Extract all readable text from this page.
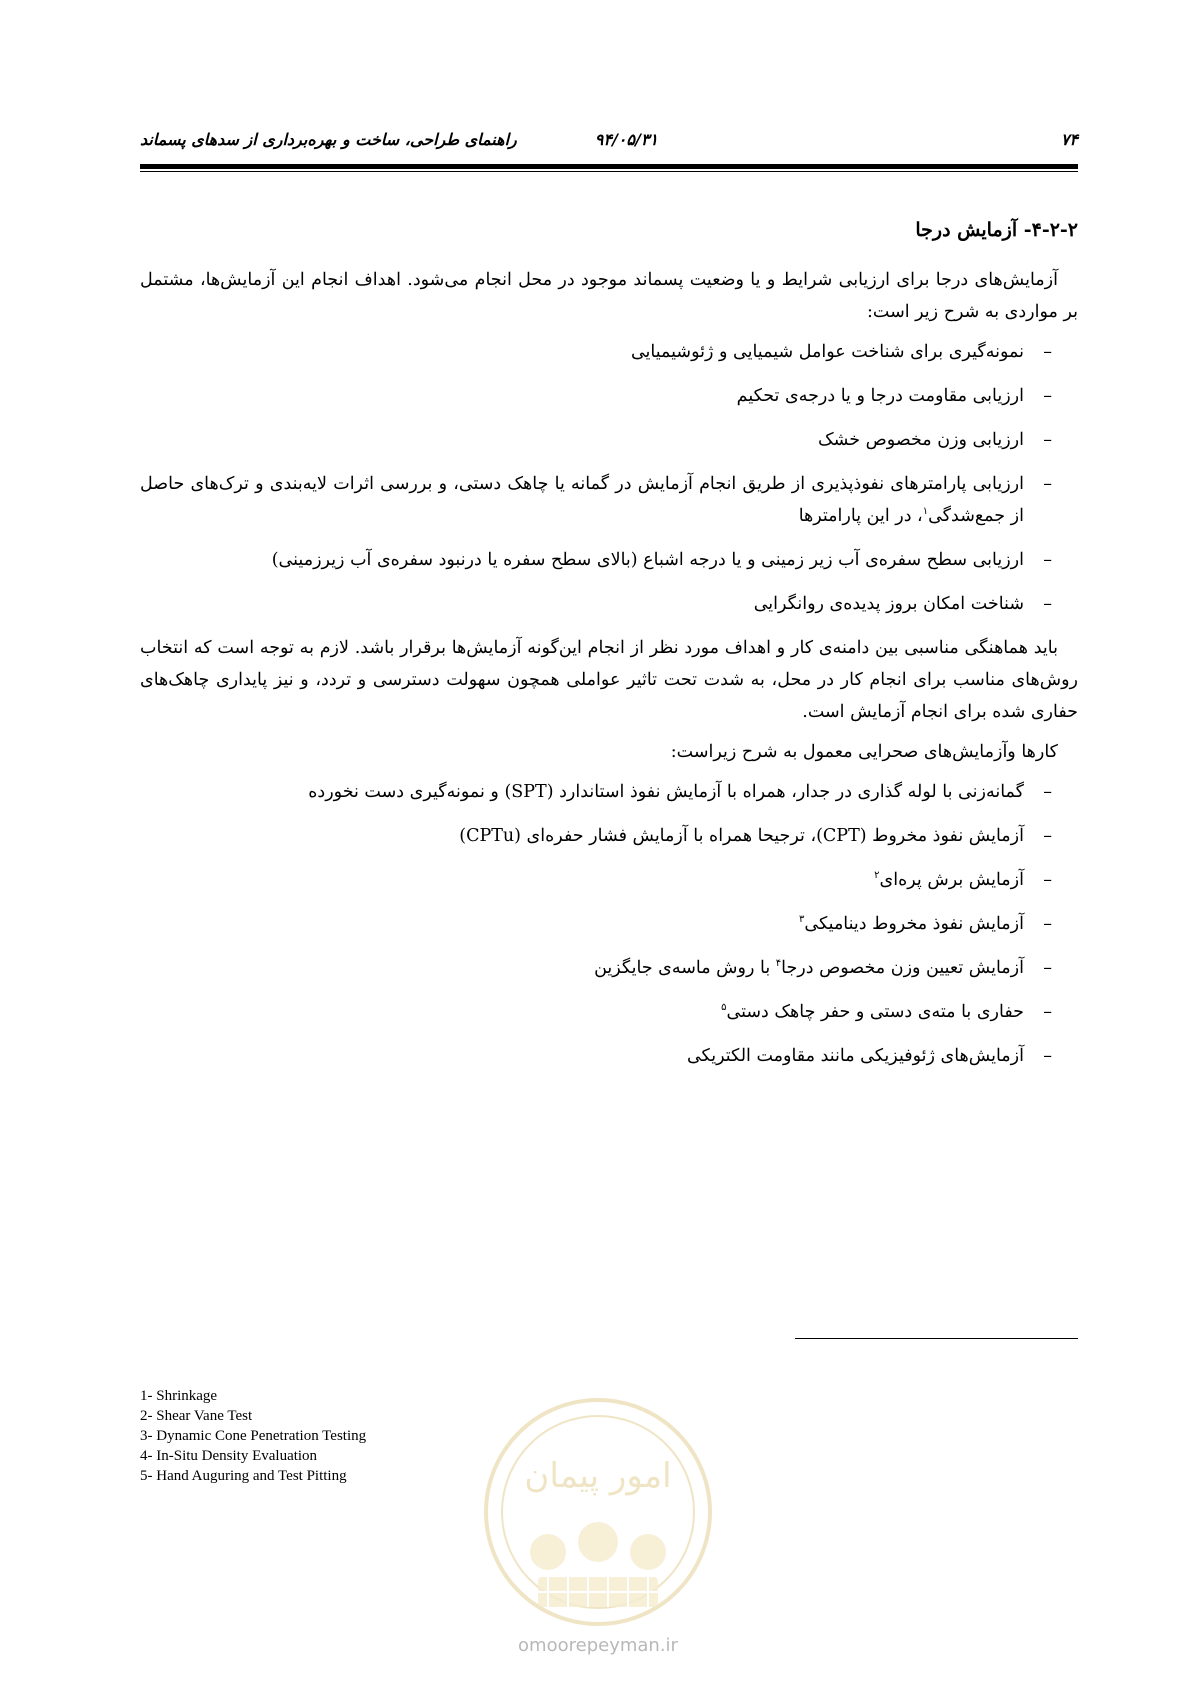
۷۴
۹۴/۰۵/۳۱
راهنمای طراحی، ساخت و بهره‌برداری از سدهای پسماند
۴-۲-۲- آزمایش درجا

آزمایش‌های درجا برای ارزیابی شرایط و یا وضعیت پسماند موجود در محل انجام می‌شود. اهداف انجام این آزمایش‌ها، مشتمل بر مواردی به شرح زیر است:

–
نمونه‌گیری برای شناخت عوامل شیمیایی و ژئوشیمیایی
–
ارزیابی مقاومت درجا و یا درجه‌ی تحکیم
–
ارزیابی وزن مخصوص خشک
–
ارزیابی پارامترهای نفوذپذیری از طریق انجام آزمایش در گمانه یا چاهک دستی، و بررسی اثرات لایه‌بندی و ترک‌های حاصل از جمع‌شدگی$^۱$، در این پارامترها
–
ارزیابی سطح سفره‌ی آب زیر زمینی و یا درجه اشباع (بالای سطح سفره یا درنبود سفره‌ی آب زیرزمینی)
–
شناخت امکان بروز پدیده‌ی روانگرایی

باید هماهنگی مناسبی بین دامنه‌ی کار و اهداف مورد نظر از انجام این‌گونه آزمایش‌ها برقرار باشد. لازم به توجه است که انتخاب روش‌های مناسب برای انجام کار در محل، به شدت تحت تاثیر عواملی همچون سهولت دسترسی و تردد، و نیز پایداری چاهک‌های حفاری شده برای انجام آزمایش است.

کارها وآزمایش‌های صحرایی معمول به شرح زیراست:

–
گمانه‌زنی با لوله گذاری در جدار، همراه با آزمایش نفوذ استاندارد (SPT) و نمونه‌گیری دست نخورده
–
آزمایش نفوذ مخروط (CPT)، ترجیحا همراه با آزمایش فشار حفره‌ای (CPTu)
–
آزمایش برش پره‌ای$^۲$
–
آزمایش نفوذ مخروط دینامیکی$^۳$
–
آزمایش تعیین وزن مخصوص درجا$^۴$ با روش ماسه‌ی جایگزین
–
حفاری با مته‌ی دستی و حفر چاهک دستی$^۵$
–
آزمایش‌های ژئوفیزیکی مانند مقاومت الکتریکی
1- Shrinkage
2- Shear Vane Test
3- Dynamic Cone Penetration Testing
4- In-Situ Density Evaluation
5- Hand Auguring and Test Pitting	امور پیمان
omoorepeyman.ir
